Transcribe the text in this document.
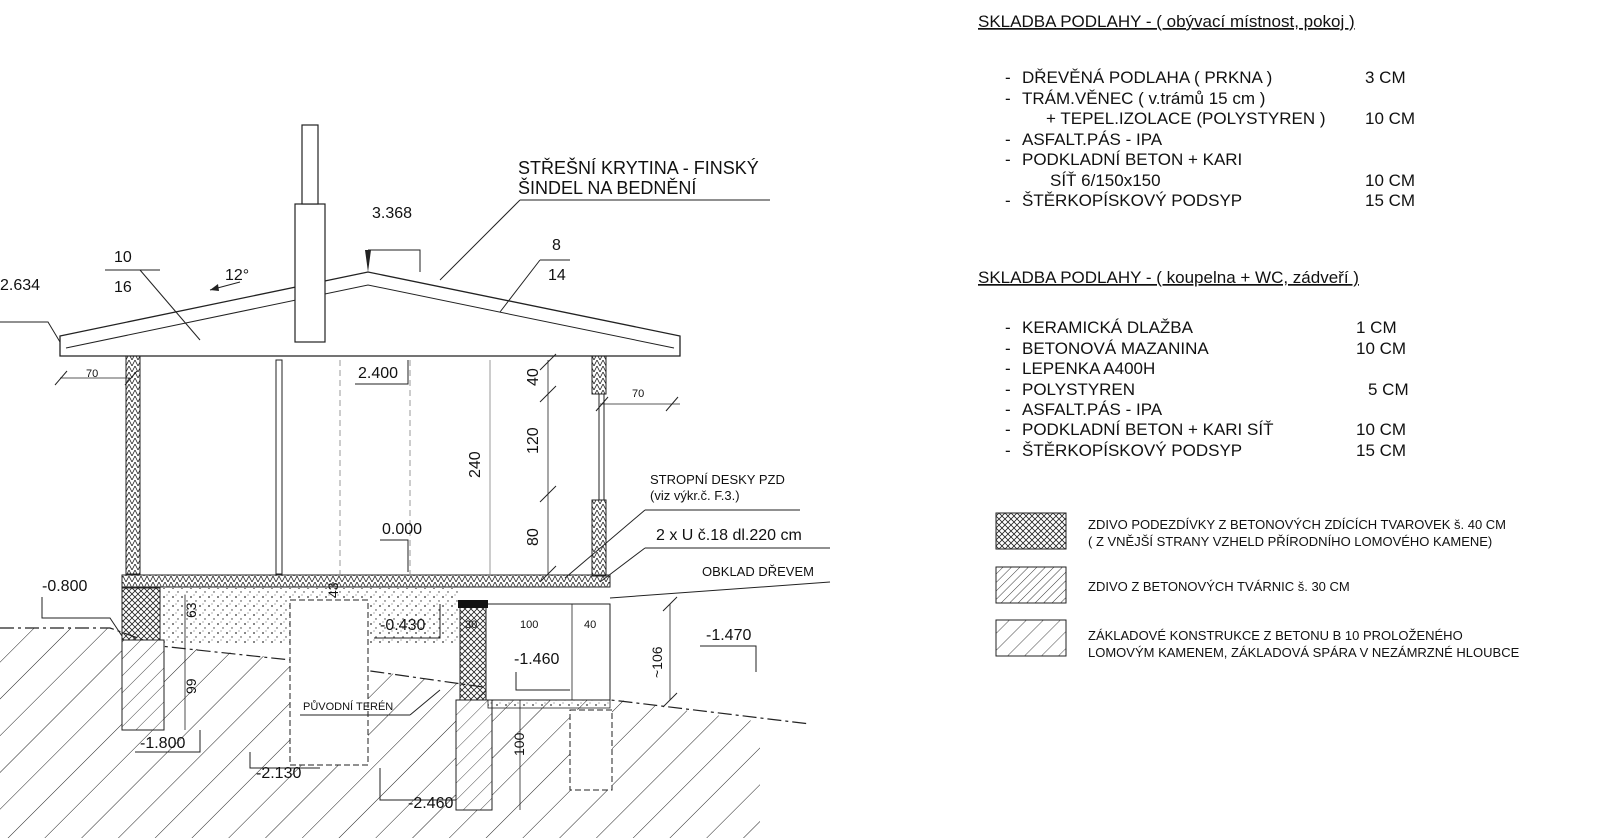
STŘEŠNÍ KRYTINA - FINSKÝ
ŠINDEL NA BEDNĚNÍ
3.368
2.634
10
16
8
14
12°
70
70
2.400
0.000
-0.800
-0.430
-1.460
-1.470
-1.800
-2.130
-2.460
STROPNÍ DESKY PZD
(viz výkr.č. F.3.)
2 x U č.18 dl.220 cm
OBKLAD DŘEVEM
PŮVODNÍ TERÉN
30	100	40
240
40
120
80
43
63
99
~106
100
SKLADBA PODLAHY - ( obývací místnost, pokoj )
- DŘEVĚNÁ PODLAHA ( PRKNA )	3 CM
- TRÁM.VĚNEC ( v.trámů 15 cm )
+ TEPEL.IZOLACE (POLYSTYREN ) 10 CM
- ASFALT.PÁS - IPA
- PODKLADNÍ BETON + KARI
SÍŤ 6/150x150	10 CM
- ŠTĚRKOPÍSKOVÝ PODSYP	15 CM
SKLADBA PODLAHY - ( koupelna + WC, zádveří )
- KERAMICKÁ DLAŽBA	1 CM
- BETONOVÁ MAZANINA	10 CM
- LEPENKA A400H
- POLYSTYREN	5 CM
- ASFALT.PÁS - IPA
- PODKLADNÍ BETON + KARI SÍŤ	10 CM
- ŠTĚRKOPÍSKOVÝ PODSYP	15 CM
ZDIVO PODEZDÍVKY Z BETONOVÝCH ZDÍCÍCH TVAROVEK š. 40 CM
( Z VNĚJŠÍ STRANY VZHELD PŘÍRODNÍHO LOMOVÉHO KAMENE)
ZDIVO Z BETONOVÝCH TVÁRNIC š. 30 CM
ZÁKLADOVÉ KONSTRUKCE Z BETONU B 10 PROLOŽENÉHO
LOMOVÝM KAMENEM, ZÁKLADOVÁ SPÁRA V NEZÁMRZNÉ HLOUBCE
